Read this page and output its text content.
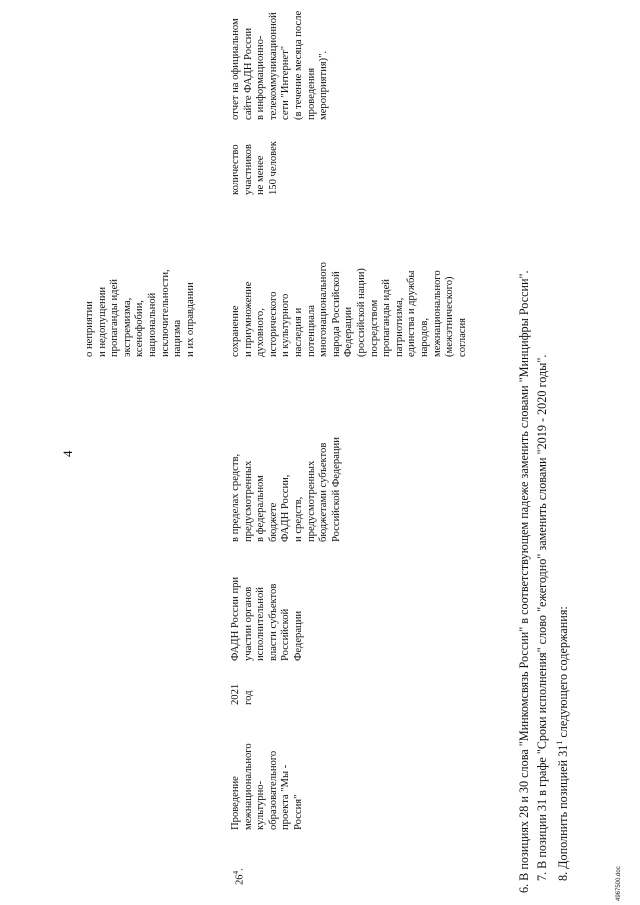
4
$26^4$.
Проведение
межнационального
культурно-
образовательного
проекта "Мы -
Россия"
2021
год
ФАДН России при
участии органов
исполнительной
власти субъектов
Российской
Федерации
в пределах средств,
предусмотренных
в федеральном
бюджете
ФАДН России,
и средств,
предусмотренных
бюджетами субъектов
Российской Федерации
о неприятии
и недопущении
пропаганды идей
экстремизма,
ксенофобии,
национальной
исключительности,
нацизма
и их оправдании	сохранение
и приумножение
духовного,
исторического
и культурного
наследия и
потенциала
многонационального
народа Российской
Федерации
(российской нации)
посредством
пропаганды идей
патриотизма,
единства и дружбы
народов,
межнационального
(межэтнического)
согласия
количество
участников
не менее
150 человек
отчет на официальном
сайте ФАДН России
в информационно-
телекоммуникационной
сети "Интернет"
(в течение месяца после
проведения
мероприятия)".
6. В позициях 28 и 30 слова "Минкомсвязь России" в соответствующем падеже заменить словами "Минцифры России". 7. В позиции 31 в графе "Сроки исполнения" слово "ежегодно" заменить словами "2019 - 2020 годы". 8. Дополнить позицией $31^1$ следующего содержания:
4967500.doc
